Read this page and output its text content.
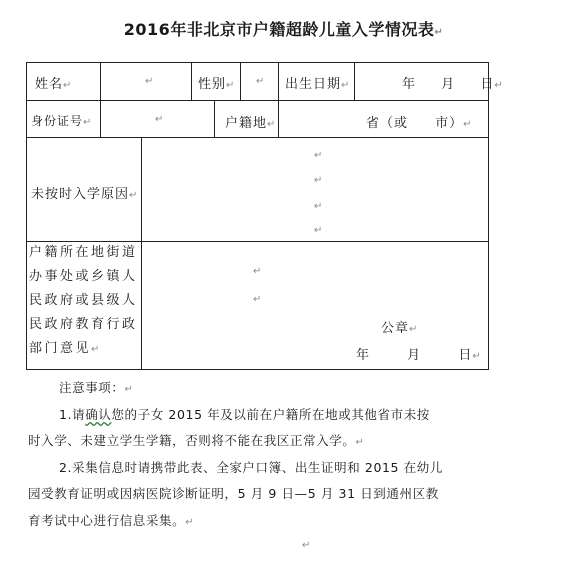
2016年非北京市户籍超龄儿童入学情况表↵
姓名↵	↵	性别↵ ↵ 出生日期↵	年 月 日↵
身份证号↵	↵	户籍地↵	省（或 市）↵
未按时入学原因↵
↵
↵
↵
↵
户籍所在地街道办事处或乡镇人民政府或县级人民政府教育行政部门意见↵
↵
↵
公章↵
年	月	日↵
注意事项：↵
1.请确认您的子女 2015 年及以前在户籍所在地或其他省市未按
时入学、未建立学生学籍，否则将不能在我区正常入学。↵
2.采集信息时请携带此表、全家户口簿、出生证明和 2015 在幼儿
园受教育证明或因病医院诊断证明，5 月 9 日—5 月 31 日到通州区教
育考试中心进行信息采集。↵
↵
